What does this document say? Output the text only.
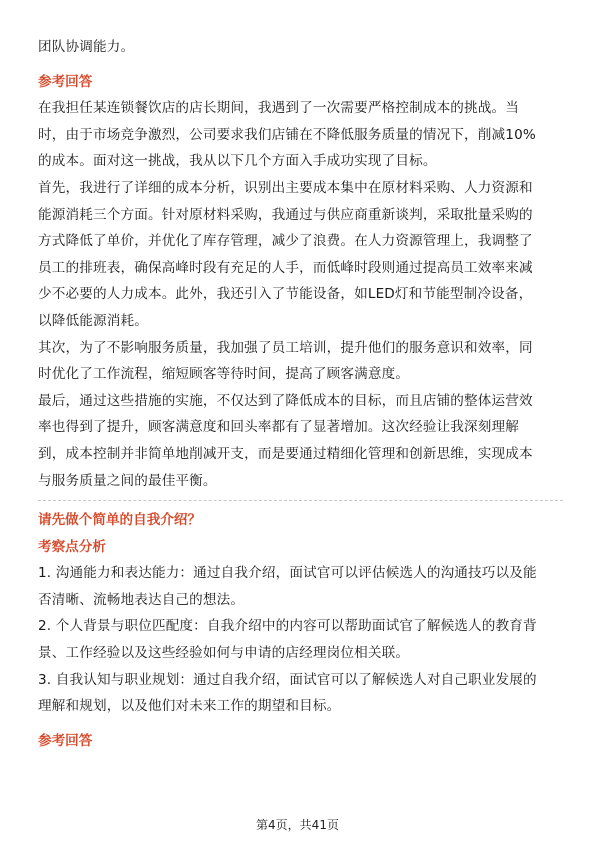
团队协调能力。
参考回答
在我担任某连锁餐饮店的店长期间，我遇到了一次需要严格控制成本的挑战。当
时，由于市场竞争激烈，公司要求我们店铺在不降低服务质量的情况下，削减10%
的成本。面对这一挑战，我从以下几个方面入手成功实现了目标。
首先，我进行了详细的成本分析，识别出主要成本集中在原材料采购、人力资源和
能源消耗三个方面。针对原材料采购，我通过与供应商重新谈判，采取批量采购的
方式降低了单价，并优化了库存管理，减少了浪费。在人力资源管理上，我调整了
员工的排班表，确保高峰时段有充足的人手，而低峰时段则通过提高员工效率来减
少不必要的人力成本。此外，我还引入了节能设备，如LED灯和节能型制冷设备，
以降低能源消耗。
其次，为了不影响服务质量，我加强了员工培训，提升他们的服务意识和效率，同
时优化了工作流程，缩短顾客等待时间，提高了顾客满意度。
最后，通过这些措施的实施，不仅达到了降低成本的目标，而且店铺的整体运营效
率也得到了提升，顾客满意度和回头率都有了显著增加。这次经验让我深刻理解
到，成本控制并非简单地削减开支，而是要通过精细化管理和创新思维，实现成本
与服务质量之间的最佳平衡。
请先做个简单的自我介绍？
考察点分析
1. 沟通能力和表达能力：通过自我介绍，面试官可以评估候选人的沟通技巧以及能
否清晰、流畅地表达自己的想法。
2. 个人背景与职位匹配度：自我介绍中的内容可以帮助面试官了解候选人的教育背
景、工作经验以及这些经验如何与申请的店经理岗位相关联。
3. 自我认知与职业规划：通过自我介绍，面试官可以了解候选人对自己职业发展的
理解和规划，以及他们对未来工作的期望和目标。
参考回答
第4页，共41页
